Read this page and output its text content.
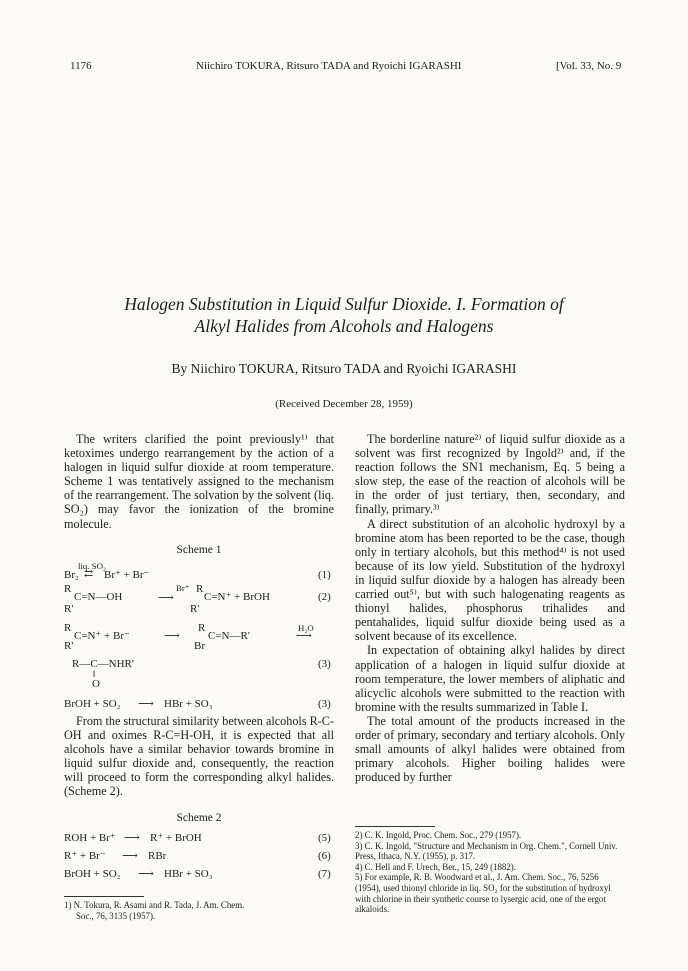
1176	Niichiro TOKURA, Ritsuro TADA and Ryoichi IGARASHI	[Vol. 33, No. 9
Halogen Substitution in Liquid Sulfur Dioxide. I. Formation of
Alkyl Halides from Alcohols and Halogens
By Niichiro TOKURA, Ritsuro TADA and Ryoichi IGARASHI
(Received December 28, 1959)

The writers clarified the point previously¹⁾ that ketoximes undergo rearrangement by the action of a halogen in liquid sulfur dioxide at room temperature. Scheme 1 was tentatively assigned to the mechanism of the rearrangement. The solvation by the solvent (liq. SO₂) may favor the ionization of the bromine molecule.

Scheme 1
liq. SO₂
Br₂ ⇄ Br⁺ + Br⁻	(1)
R
R'
C=N—OH
Br⁺
⟶
R
R'
C=N⁺ + BrOH	(2)
R
R'
C=N⁺ + Br⁻	⟶
R
Br
C=N—R'
H₂O
⟶
R—C—NHR'
‖
O
(3)
BrOH + SO₂ ⟶ HBr + SO₃	(3)

From the structural similarity between alcohols R-C-OH and oximes R-C=H-OH, it is expected that all alcohols have a similar behavior towards bromine in liquid sulfur dioxide and, consequently, the reaction will proceed to form the corresponding alkyl halides. (Scheme 2).

Scheme 2
ROH + Br⁺ ⟶ R⁺ + BrOH	(5)
R⁺ + Br⁻ ⟶ RBr	(6)
BrOH + SO₂ ⟶ HBr + SO₃	(7)

1) N. Tokura, R. Asami and R. Tada, J. Am. Chem.

Soc., 76, 3135 (1957).

The borderline nature²⁾ of liquid sulfur dioxide as a solvent was first recognized by Ingold²⁾ and, if the reaction follows the SN1 mechanism, Eq. 5 being a slow step, the ease of the reaction of alcohols will be in the order of just tertiary, then, secondary, and finally, primary.³⁾

A direct substitution of an alcoholic hydroxyl by a bromine atom has been reported to be the case, though only in tertiary alcohols, but this method⁴⁾ is not used because of its low yield. Substitution of the hydroxyl in liquid sulfur dioxide by a halogen has already been carried out⁵⁾, but with such halogenating reagents as thionyl halides, phosphorus trihalides and pentahalides, liquid sulfur dioxide being used as a solvent because of its excellence.

In expectation of obtaining alkyl halides by direct application of a halogen in liquid sulfur dioxide at room temperature, the lower members of aliphatic and alicyclic alcohols were submitted to the reaction with bromine with the results summarized in Table I.

The total amount of the products increased in the order of primary, secondary and tertiary alcohols. Only small amounts of alkyl halides were obtained from primary alcohols. Higher boiling halides were produced by further

2) C. K. Ingold, Proc. Chem. Soc., 279 (1957).

3) C. K. Ingold, "Structure and Mechanism in Org. Chem.", Cornell Univ. Press, Ithaca, N.Y. (1955), p. 317.

4) C. Hell and F. Urech, Ber., 15, 249 (1882).

5) For example, R. B. Woodward et al., J. Am. Chem. Soc., 76, 5256 (1954), used thionyl chloride in liq. SO₂ for the substitution of hydroxyl with chlorine in their synthetic course to lysergic acid, one of the ergot alkaloids.
